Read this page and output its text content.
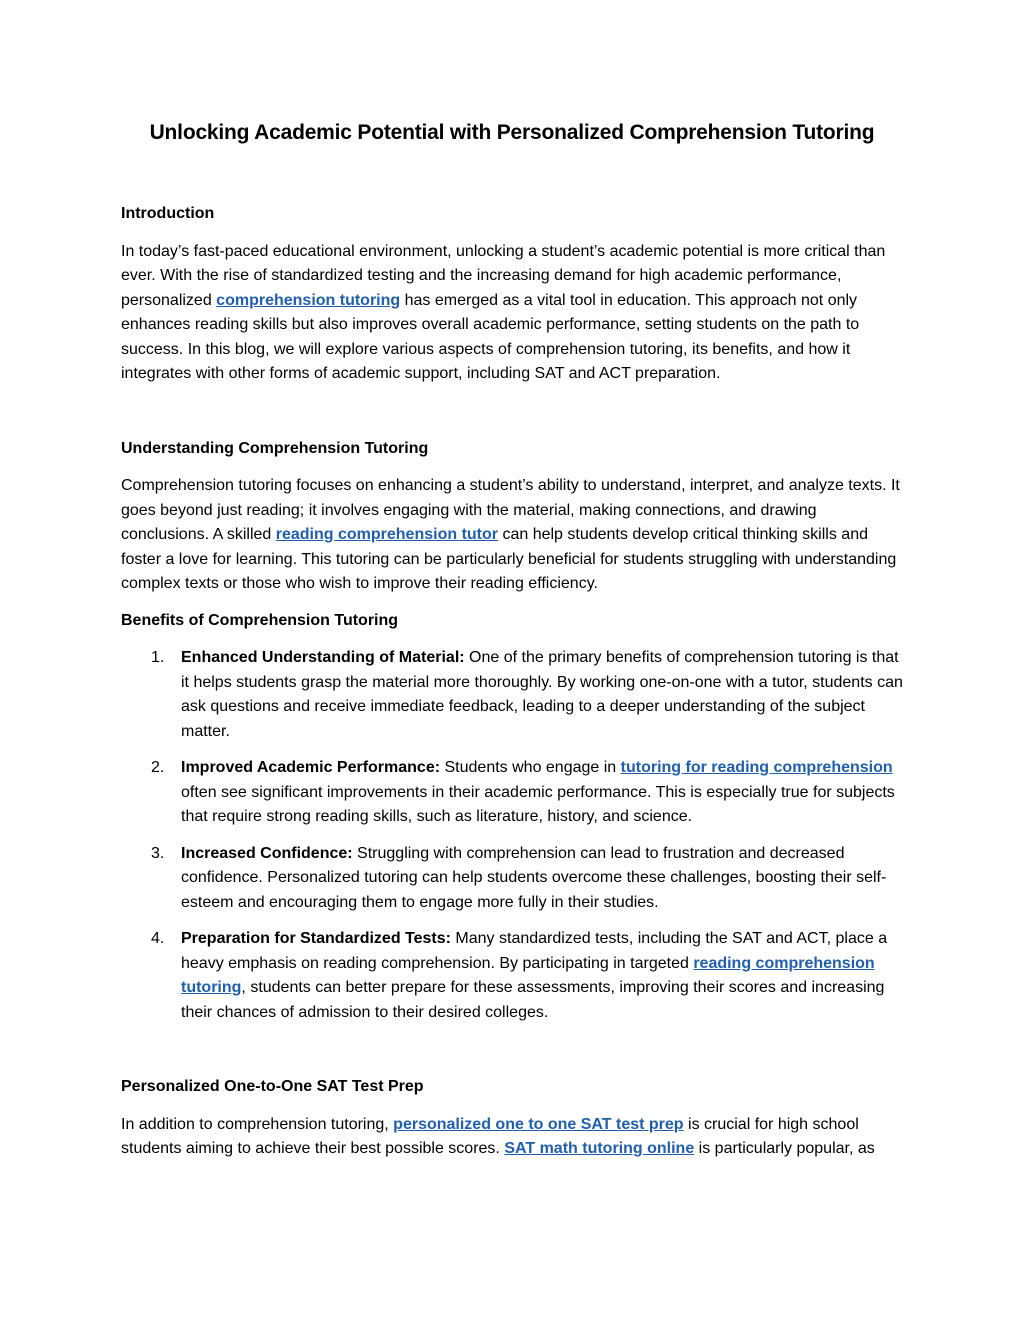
Unlocking Academic Potential with Personalized Comprehension Tutoring
Introduction

In today’s fast-paced educational environment, unlocking a student’s academic potential is more critical than ever. With the rise of standardized testing and the increasing demand for high academic performance, personalized comprehension tutoring has emerged as a vital tool in education. This approach not only enhances reading skills but also improves overall academic performance, setting students on the path to success. In this blog, we will explore various aspects of comprehension tutoring, its benefits, and how it integrates with other forms of academic support, including SAT and ACT preparation.

Understanding Comprehension Tutoring

Comprehension tutoring focuses on enhancing a student’s ability to understand, interpret, and analyze texts. It goes beyond just reading; it involves engaging with the material, making connections, and drawing conclusions. A skilled reading comprehension tutor can help students develop critical thinking skills and foster a love for learning. This tutoring can be particularly beneficial for students struggling with understanding complex texts or those who wish to improve their reading efficiency.

Benefits of Comprehension Tutoring
1. Enhanced Understanding of Material: One of the primary benefits of comprehension tutoring is that it helps students grasp the material more thoroughly. By working one-on-one with a tutor, students can ask questions and receive immediate feedback, leading to a deeper understanding of the subject matter.
2. Improved Academic Performance: Students who engage in tutoring for reading comprehension often see significant improvements in their academic performance. This is especially true for subjects that require strong reading skills, such as literature, history, and science.
3. Increased Confidence: Struggling with comprehension can lead to frustration and decreased confidence. Personalized tutoring can help students overcome these challenges, boosting their self-esteem and encouraging them to engage more fully in their studies.
4. Preparation for Standardized Tests: Many standardized tests, including the SAT and ACT, place a heavy emphasis on reading comprehension. By participating in targeted reading comprehension tutoring, students can better prepare for these assessments, improving their scores and increasing their chances of admission to their desired colleges.
Personalized One-to-One SAT Test Prep

In addition to comprehension tutoring, personalized one to one SAT test prep is crucial for high school students aiming to achieve their best possible scores. SAT math tutoring online is particularly popular, as
